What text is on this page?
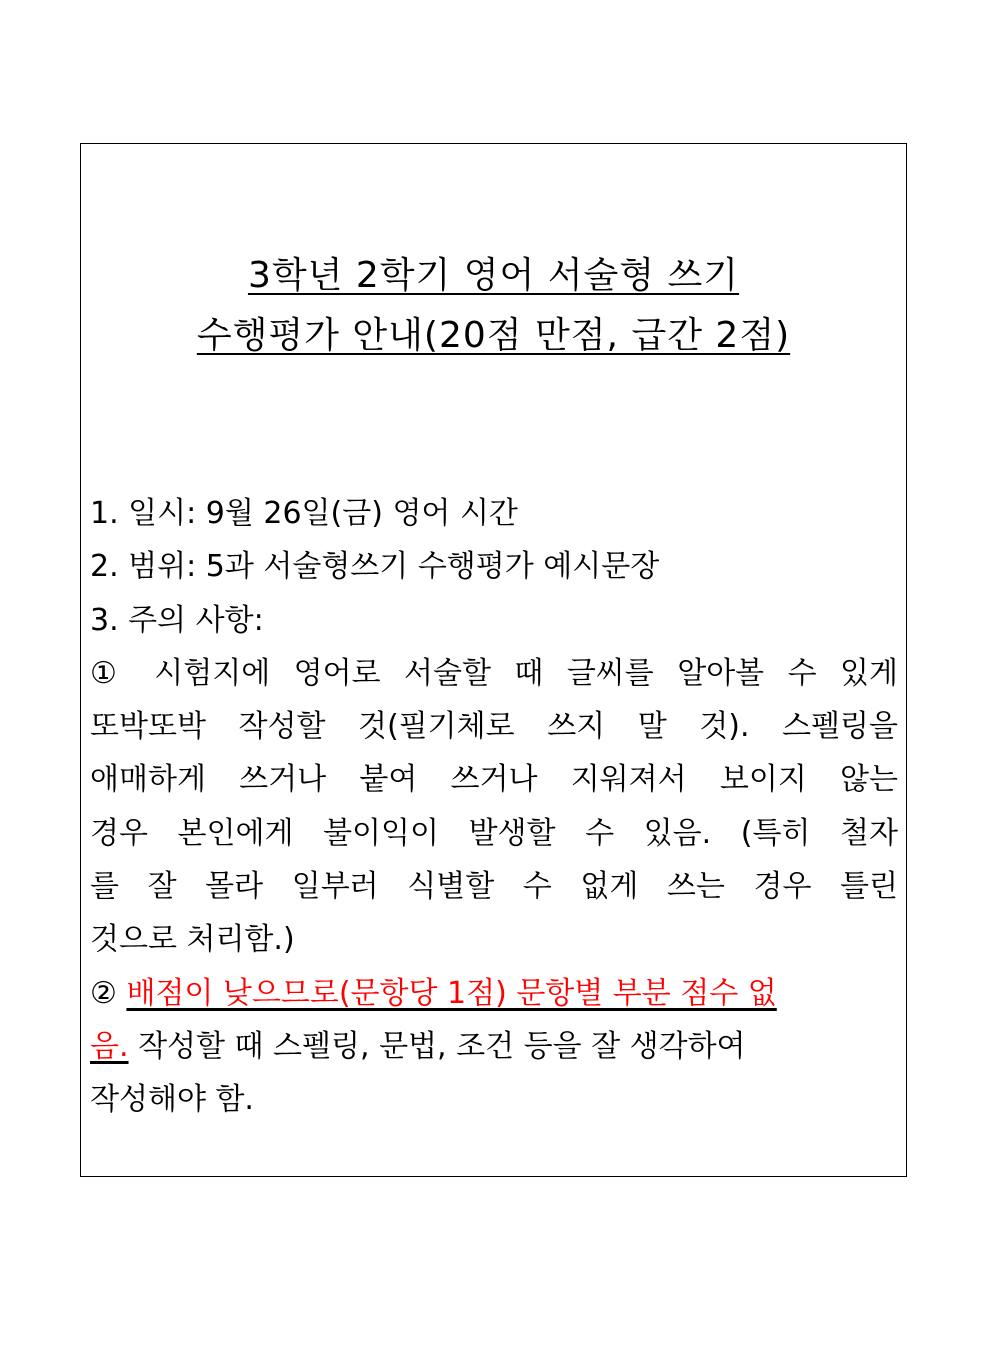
3학년 2학기 영어 서술형 쓰기
수행평가 안내(20점 만점, 급간 2점)
1. 일시: 9월 26일(금) 영어 시간
2. 범위: 5과 서술형쓰기 수행평가 예시문장
3. 주의 사항:
① 시험지에 영어로 서술할 때 글씨를 알아볼 수 있게
또박또박 작성할 것(필기체로 쓰지 말 것). 스펠링을
애매하게 쓰거나 붙여 쓰거나 지워져서 보이지 않는
경우 본인에게 불이익이 발생할 수 있음. (특히 철자
를 잘 몰라 일부러 식별할 수 없게 쓰는 경우 틀린
것으로 처리함.)
② 배점이 낮으므로(문항당 1점) 문항별 부분 점수 없
음. 작성할 때 스펠링, 문법, 조건 등을 잘 생각하여
작성해야 함.
